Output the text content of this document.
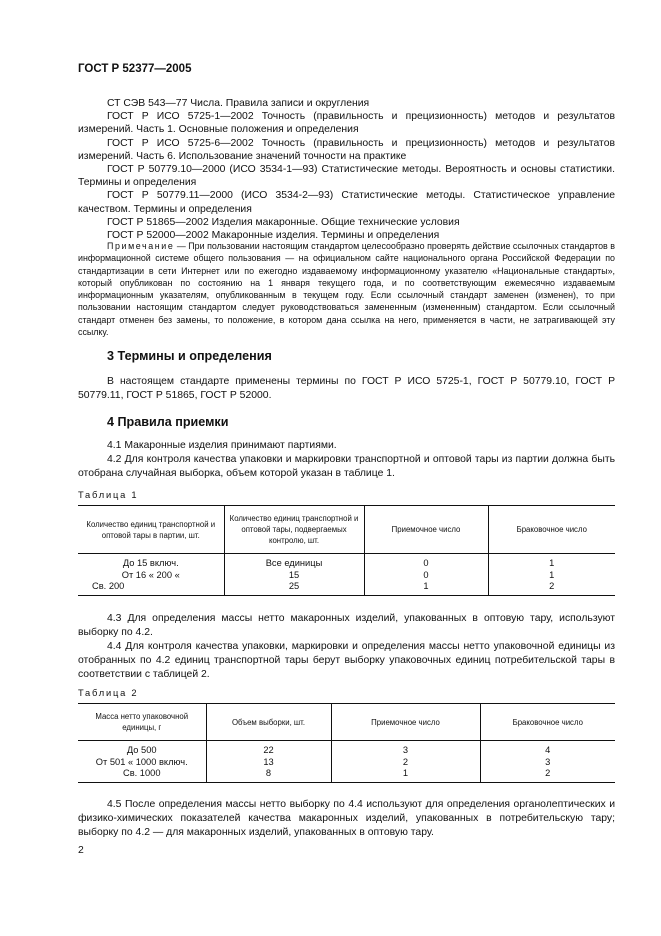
ГОСТ Р 52377—2005

СТ СЭВ 543—77 Числа. Правила записи и округления

ГОСТ Р ИСО 5725-1—2002 Точность (правильность и прецизионность) методов и результатов измерений. Часть 1. Основные положения и определения

ГОСТ Р ИСО 5725-6—2002 Точность (правильность и прецизионность) методов и результатов измерений. Часть 6. Использование значений точности на практике

ГОСТ Р 50779.10—2000 (ИСО 3534-1—93) Статистические методы. Вероятность и основы статистики. Термины и определения

ГОСТ Р 50779.11—2000 (ИСО 3534-2—93) Статистические методы. Статистическое управление качеством. Термины и определения

ГОСТ Р 51865—2002 Изделия макаронные. Общие технические условия

ГОСТ Р 52000—2002 Макаронные изделия. Термины и определения

Примечание — При пользовании настоящим стандартом целесообразно проверять действие ссылочных стандартов в информационной системе общего пользования — на официальном сайте национального органа Российской Федерации по стандартизации в сети Интернет или по ежегодно издаваемому информационному указателю «Национальные стандарты», который опубликован по состоянию на 1 января текущего года, и по соответствующим ежемесячно издаваемым информационным указателям, опубликованным в текущем году. Если ссылочный стандарт заменен (изменен), то при пользовании настоящим стандартом следует руководствоваться замененным (измененным) стандартом. Если ссылочный стандарт отменен без замены, то положение, в котором дана ссылка на него, применяется в части, не затрагивающей эту ссылку.

3 Термины и определения

В настоящем стандарте применены термины по ГОСТ Р ИСО 5725-1, ГОСТ Р 50779.10, ГОСТ Р 50779.11, ГОСТ Р 51865, ГОСТ Р 52000.

4 Правила приемки

4.1 Макаронные изделия принимают партиями.

4.2 Для контроля качества упаковки и маркировки транспортной и оптовой тары из партии должна быть отобрана случайная выборка, объем которой указан в таблице 1.

Таблица 1
Количество единиц транспортной и оптовой тары в партии, шт.	Количество единиц транспортной и оптовой тары, подвергаемых контролю, шт.	Приемочное число	Браковочное число
До 15 включ.	Все единицы	0	1
От 16 « 200 «	15	0	1
Св. 200	25	1	2

4.3 Для определения массы нетто макаронных изделий, упакованных в оптовую тару, используют выборку по 4.2.

4.4 Для контроля качества упаковки, маркировки и определения массы нетто упаковочной единицы из отобранных по 4.2 единиц транспортной тары берут выборку упаковочных единиц потребительской тары в соответствии с таблицей 2.

Таблица 2
Масса нетто упаковочной единицы, г	Объем выборки, шт.	Приемочное число	Браковочное число
До 500	22	3	4
От 501 « 1000 включ.	13	2	3
Св. 1000	8	1	2

4.5 После определения массы нетто выборку по 4.4 используют для определения органолептических и физико-химических показателей качества макаронных изделий, упакованных в потребительскую тару; выборку по 4.2 — для макаронных изделий, упакованных в оптовую тару.

2
